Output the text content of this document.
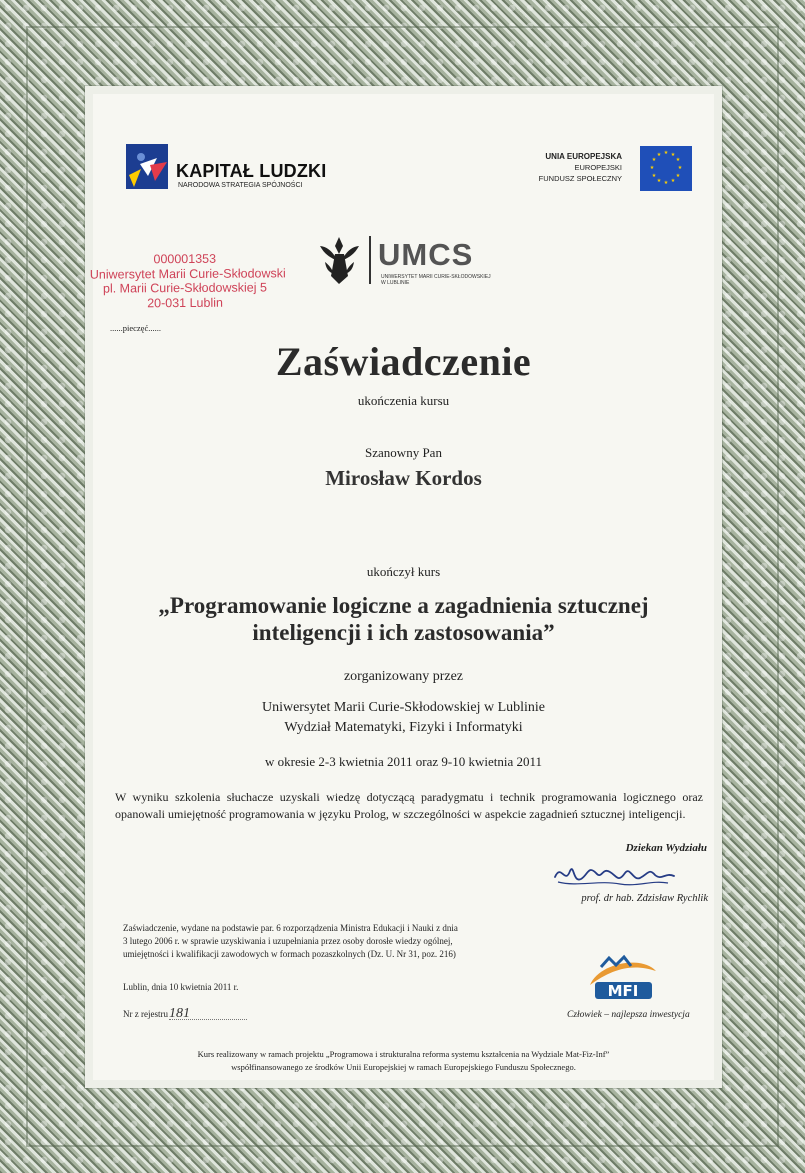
KAPITAŁ LUDZKI
NARODOWA STRATEGIA SPÓJNOŚCI
UNIA EUROPEJSKA
EUROPEJSKI
FUNDUSZ SPOŁECZNY
★ ★
★
★
★
★
★
★
★
★
★
★
UMCS
UNIWERSYTET MARII CURIE-SKŁODOWSKIEJ
W LUBLINIE
000001353
Uniwersytet Marii Curie-Skłodowski
pl. Marii Curie-Skłodowskiej 5
20-031 Lublin
......pieczęć......
Zaświadczenie
ukończenia kursu
Szanowny Pan
Mirosław Kordos
ukończył kurs
„Programowanie logiczne a zagadnienia sztucznej
inteligencji i ich zastosowania”
zorganizowany przez
Uniwersytet Marii Curie-Skłodowskiej w Lublinie
Wydział Matematyki, Fizyki i Informatyki
w okresie 2-3 kwietnia 2011 oraz 9-10 kwietnia 2011
W wyniku szkolenia słuchacze uzyskali wiedzę dotyczącą paradygmatu i technik programowania logicznego oraz opanowali umiejętność programowania w języku Prolog, w szczególności w aspekcie zagadnień sztucznej inteligencji.
Dziekan Wydziału
prof. dr hab. Zdzisław Rychlik
Zaświadczenie, wydane na podstawie par. 6 rozporządzenia Ministra Edukacji i Nauki z dnia
3 lutego 2006 r. w sprawie uzyskiwania i uzupełniania przez osoby dorosłe wiedzy ogólnej,
umiejętności i kwalifikacji zawodowych w formach pozaszkolnych (Dz. U. Nr 31, poz. 216)
Lublin, dnia 10 kwietnia 2011 r.
Nr z rejestru181
MFI
Człowiek – najlepsza inwestycja
Kurs realizowany w ramach projektu „Programowa i strukturalna reforma systemu kształcenia na Wydziale Mat-Fiz-Inf”
współfinansowanego ze środków Unii Europejskiej w ramach Europejskiego Funduszu Społecznego.
